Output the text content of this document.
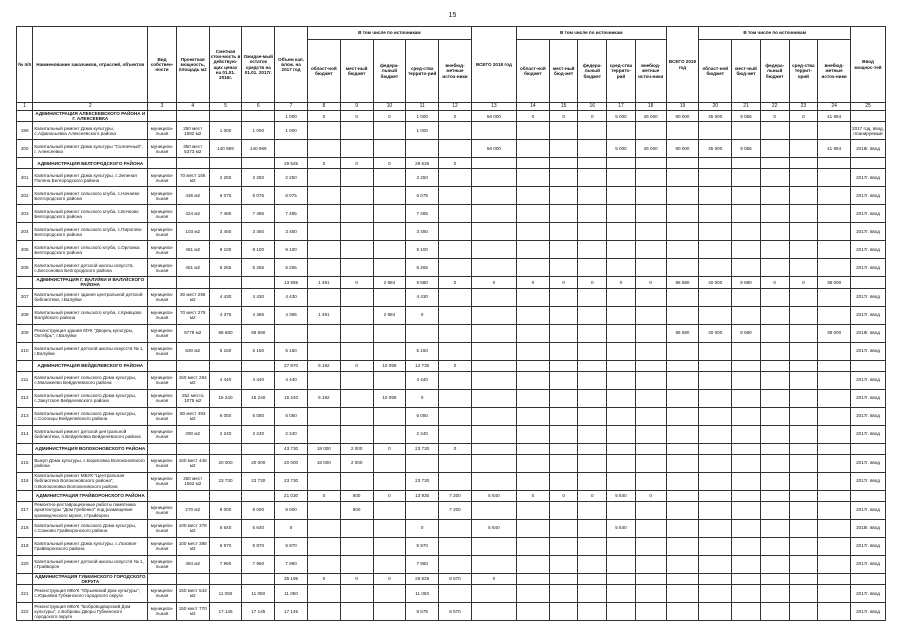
15
№ п/п	Наименование заказчиков, отраслей, объектов	Вид собствен-ности	Проектная мощность, площадь м2	Сметная стои-мость в действую-щих ценах на 01.01. 2016г.	Ожидае-мый остаток средств на 01.01. 2017г.	Объем кап. влож. на 2017 год	В том числе по источникам					ВСЕГО 2018 год	В том числе по источникам					ВСЕГО 2019 год	В том числе по источникам					Ввод мощнос-тей
							област-ной бюджет	мест-ный бюджет	федера-льный бюджет	сред-ства террито-рий	внебюд-жетные источ-ники		област-ной бюджет	мест-ный бюд-жет	федера-льный бюджет	сред-ства террито-рий	внебюд-жетные источ-ники		област-ной бюджет	мест-ный бюд-жет	федера-льный бюджет	сред-ства террит-орий	внебюд-жетные источ-ники	
1	2	3	4	5	6	7	8	9	10	11	12	13	14	15	16	17	18	19	20	21	22	23	24	25
	АДМИНИСТРАЦИЯ АЛЕКСЕЕВСКОГО РАЙОНА И Г. АЛЕКСЕЕВКА					1 000	0	0	0	1 000	0	56 000	0	0	0	5 000	45 000	90 000	45 000	9 056	0	0	41 684	
199	Капитальный ремонт Дома культуры, с.Афанасьевка Алексеевского района	муниципа-льная	250 мест 1582 м2	1 000	1 000	1 000				1 000														2017 год, ввод, планируемый
200	Капитальный ремонт Дома культуры "Солнечный", г. Алексеевка	муниципа-льная	350 мест 5373 м2	140 969	140 969							56 000				5 000	45 000	90 000	45 000	9 056			41 684	2018г. ввод
	АДМИНИСТРАЦИЯ БЕЛГОРОДСКОГО РАЙОНА					29 525	0	0	0	29 525	0													
201	Капитальный ремонт Дома культуры, с.Зеленая Поляна Белгородского района	муниципа-льная	70 мест 156 м2	2 250	2 250	2 250				2 250														2017г. ввод
202	Капитальный ремонт сельского клуба, с.Начаево Белгородского района	муниципа-льная	436 м2	6 075	6 075	6 075				6 075														2017г. ввод
203	Капитальный ремонт сельского клуба, с.Бочково Белгородского района	муниципа-льная	424 м2	7 485	7 485	7 485				7 485														2017г. ввод
204	Капитальный ремонт сельского клуба, с.Пирогово-Белгородского района	муниципа-льная	103 м2	3 450	3 450	3 450				3 450														2017г. ввод
205	Капитальный ремонт сельского клуба, с.Орловка Белгородского района	муниципа-льная	461 м2	9 100	9 100	9 100				9 100														2017г. ввод
206	Капитальный ремонт детской школы искусств, с.Бессоновка Белгородского района	муниципа-льная	451 м2	5 265	5 265	5 265				5 265														2017г. ввод
	АДМИНИСТРАЦИЯ Г. ВАЛУЙКИ И ВАЛУЙСКОГО РАЙОНА					13 955	1 491	0	2 884	9 580	0	0	0	0	0	0	0	96 680	40 000	8 680	0	0	38 000	
207	Капитальный ремонт здания центральной детской библиотеки, г.Валуйки	муниципа-льная	30 мест 295 м2	4 430	4 430	4 430				4 430														2017г. ввод
208	Капитальный ремонт сельского клуба, с.Кривцово Валуйского района	муниципа-льная	70 мест 279 м2	4 375	4 365	4 365	1 491		2 884	0														2017г. ввод
209	Реконструкция здания МУК "Дворец культуры, Октябрь", г.Валуйки	муниципа-льная	5779 м2	86 680	86 680													96 680	40 000	8 680			38 000	2019г. ввод
210	Капитальный ремонт детской школы искусств № 1, г.Валуйки	муниципа-льная	830 м2	5 150	5 150	5 150				5 150														2017г. ввод
	АДМИНИСТРАЦИЯ ВЕЙДЕЛЕВСКОГО РАЙОНА					27 970	5 182	0	10 058	12 730	0													
211	Капитальный ремонт сельского Дома культуры, с.Малакеево Вейделевского района	муниципа-льная	150 мест 284 м2	4 440	4 440	4 440				4 440														2017г. ввод
212	Капитальный ремонт сельского Дома культуры, с.Закутское Вейделевского района	муниципа-льная	252 места 1075 м2	15 240	15 240	15 240	5 182		10 058	0														2017г. ввод
213	Капитальный ремонт сельского Дома культуры, с.Солонцы Вейделевского района	муниципа-льная	80 мест 493 м2	6 050	6 050	6 050				6 050														2017г. ввод
214	Капитальный ремонт детской центральной библиотеки, п.Вейделевка Вейделевского района	муниципа-льная	290 м2	2 240	2 240	2 240				2 240														2017г. ввод
	АДМИНИСТРАЦИЯ ВОЛОКОНОВСКОГО РАЙОНА					43 730	18 000	2 000	0	23 730	0													
215	Выкуп Дома культуры, с.Борисовка Волоконовского района	муниципа-льная	160 мест 448 м2	20 000	20 000	20 000	18 000	2 000																2017г. ввод
216	Капитальный ремонт МБУК "Центральная библиотека Волоконовского района", п.Волоконовка Волоконовского района	муниципа-льная	250 мест 1562 м2	23 730	23 730	23 730				23 730														2017г. ввод
	АДМИНИСТРАЦИЯ ГРАЙВОРОНСКОГО РАЙОНА					21 030	0	800	0	13 930	7 200	5 640	0	0	0	5 640	0							
217	Ремонтно-реставрационные работы памятника архитектуры "Дом Гребенко" под размещение краеведческого музея, г.Грайворон	муниципа-льная	270 м2	8 000	8 000	8 000		800			7 200													2017г. ввод
218	Капитальный ремонт сельского Дома культуры, с.Санково Грайворонского района	муниципа-льная	100 мест 378 м2	5 640	5 640	0				0		5 640				5 640								2018г. ввод
219	Капитальный ремонт Дома культуры, с.Лозовое Грайворонского района	муниципа-льная	100 мест 388 м2	5 970	5 970	5 970				5 970														2017г. ввод
220	Капитальный ремонт детской школы искусств № 1, г.Грайворон	муниципа-льная	484 м2	7 960	7 960	7 960				7 960														2017г. ввод
	АДМИНИСТРАЦИЯ ГУБКИНСКОГО ГОРОДСКОГО ОКРУГА					35 195	0	0	0	26 625	8 570	0												
221	Реконструкция МБУК "Юрьевский Дом культуры", с.Юрьевка Губкинского городского округа	муниципа-льная	150 мест 543 м2	11 050	11 050	11 050				11 050														2017г. ввод
222	Реконструкция МБУК "Боброводворский Дом культуры", с.Бобровы Дворы Губкинского городского округа	муниципа-льная	150 мест 770 м2	17 145	17 145	17 145				8 575	8 570													2017г. ввод
